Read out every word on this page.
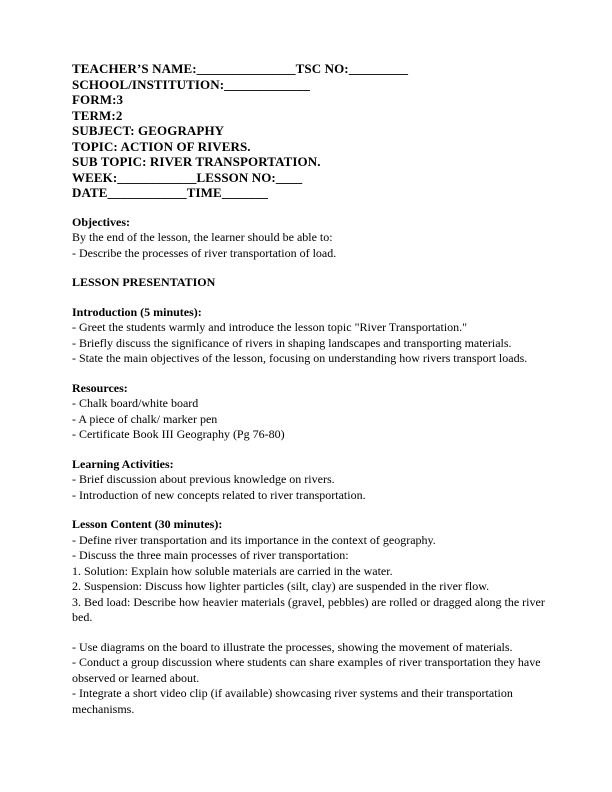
TEACHER’S NAME:_______________TSC NO:_________
SCHOOL/INSTITUTION:_____________
FORM:3
TERM:2
SUBJECT: GEOGRAPHY
TOPIC: ACTION OF RIVERS.
SUB TOPIC: RIVER TRANSPORTATION.
WEEK:____________LESSON NO:____
DATE____________TIME_______
Objectives:
By the end of the lesson, the learner should be able to:
- Describe the processes of river transportation of load.
LESSON PRESENTATION
Introduction (5 minutes):
- Greet the students warmly and introduce the lesson topic "River Transportation."
- Briefly discuss the significance of rivers in shaping landscapes and transporting materials.
- State the main objectives of the lesson, focusing on understanding how rivers transport loads.
Resources:
- Chalk board/white board
- A piece of chalk/ marker pen
- Certificate Book III Geography (Pg 76-80)
Learning Activities:
- Brief discussion about previous knowledge on rivers.
- Introduction of new concepts related to river transportation.
Lesson Content (30 minutes):
- Define river transportation and its importance in the context of geography.
- Discuss the three main processes of river transportation:
1. Solution: Explain how soluble materials are carried in the water.
2. Suspension: Discuss how lighter particles (silt, clay) are suspended in the river flow.
3. Bed load: Describe how heavier materials (gravel, pebbles) are rolled or dragged along the river bed.
- Use diagrams on the board to illustrate the processes, showing the movement of materials.
- Conduct a group discussion where students can share examples of river transportation they have observed or learned about.
- Integrate a short video clip (if available) showcasing river systems and their transportation mechanisms.
